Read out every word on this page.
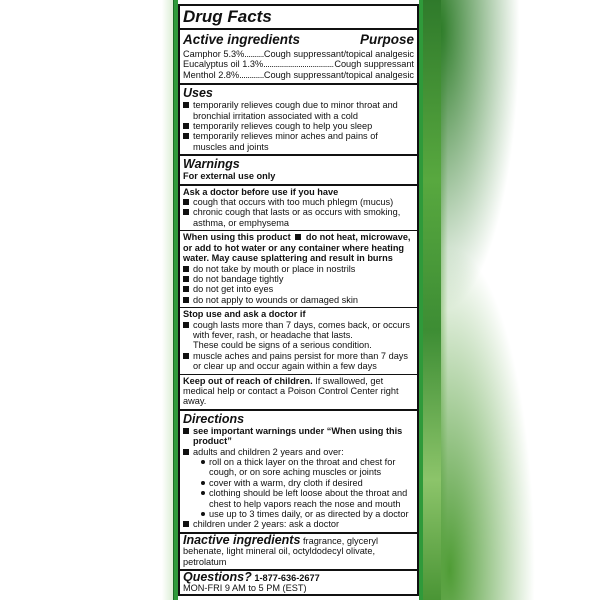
Drug Facts
Active ingredients	Purpose
Camphor 5.3% ..... Cough suppressant/topical analgesic
Eucalyptus oil 1.3% .....	Cough suppressant
Menthol 2.8% .....	Cough suppressant/topical analgesic
Uses
temporarily relieves cough due to minor throat and bronchial irritation associated with a cold
temporarily relieves cough to help you sleep
temporarily relieves minor aches and pains of muscles and joints
Warnings
For external use only
Ask a doctor before use if you have
cough that occurs with too much phlegm (mucus)
chronic cough that lasts or as occurs with smoking, asthma, or emphysema
When using this product do not heat, microwave, or add to hot water or any container where heating water. May cause splattering and result in burns
do not take by mouth or place in nostrils
do not bandage tightly
do not get into eyes
do not apply to wounds or damaged skin
Stop use and ask a doctor if
cough lasts more than 7 days, comes back, or occurs with fever, rash, or headache that lasts.
These could be signs of a serious condition.
muscle aches and pains persist for more than 7 days or clear up and occur again within a few days
Keep out of reach of children. If swallowed, get medical help or contact a Poison Control Center right away.
Directions
see important warnings under “When using this product”
adults and children 2 years and over:
roll on a thick layer on the throat and chest for cough, or on sore aching muscles or joints
cover with a warm, dry cloth if desired
clothing should be left loose about the throat and chest to help vapors reach the nose and mouth
use up to 3 times daily, or as directed by a doctor
children under 2 years: ask a doctor
Inactive ingredients fragrance, glyceryl behenate, light mineral oil, octyldodecyl olivate, petrolatum
Questions? 1-877-636-2677
MON-FRI 9 AM to 5 PM (EST)
